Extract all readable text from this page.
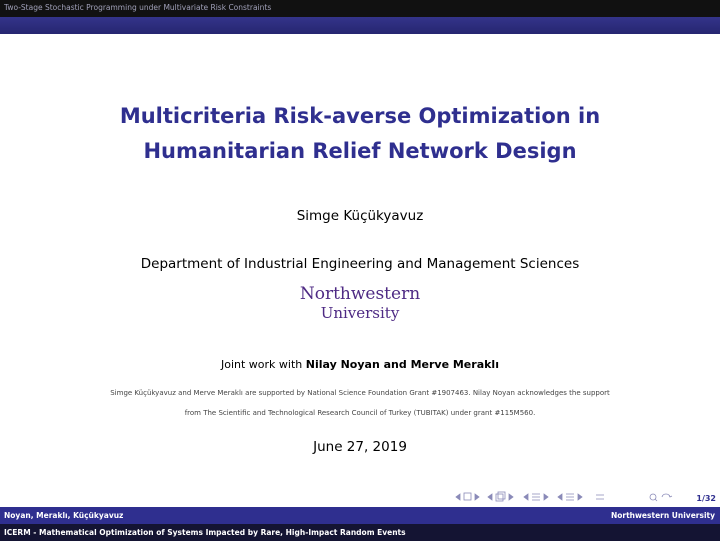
Two-Stage Stochastic Programming under Multivariate Risk Constraints
Multicriteria Risk-averse Optimization in
Humanitarian Relief Network Design
Simge Küçükyavuz
Department of Industrial Engineering and Management Sciences
Northwestern
University
Joint work with Nilay Noyan and Merve Meraklı
Simge Küçükyavuz and Merve Meraklı are supported by National Science Foundation Grant #1907463. Nilay Noyan acknowledges the support
from The Scientific and Technological Research Council of Turkey (TUBITAK) under grant #115M560.
June 27, 2019
1/32
Noyan, Meraklı, Küçükyavuz	Northwestern University
ICERM - Mathematical Optimization of Systems Impacted by Rare, High-Impact Random Events
